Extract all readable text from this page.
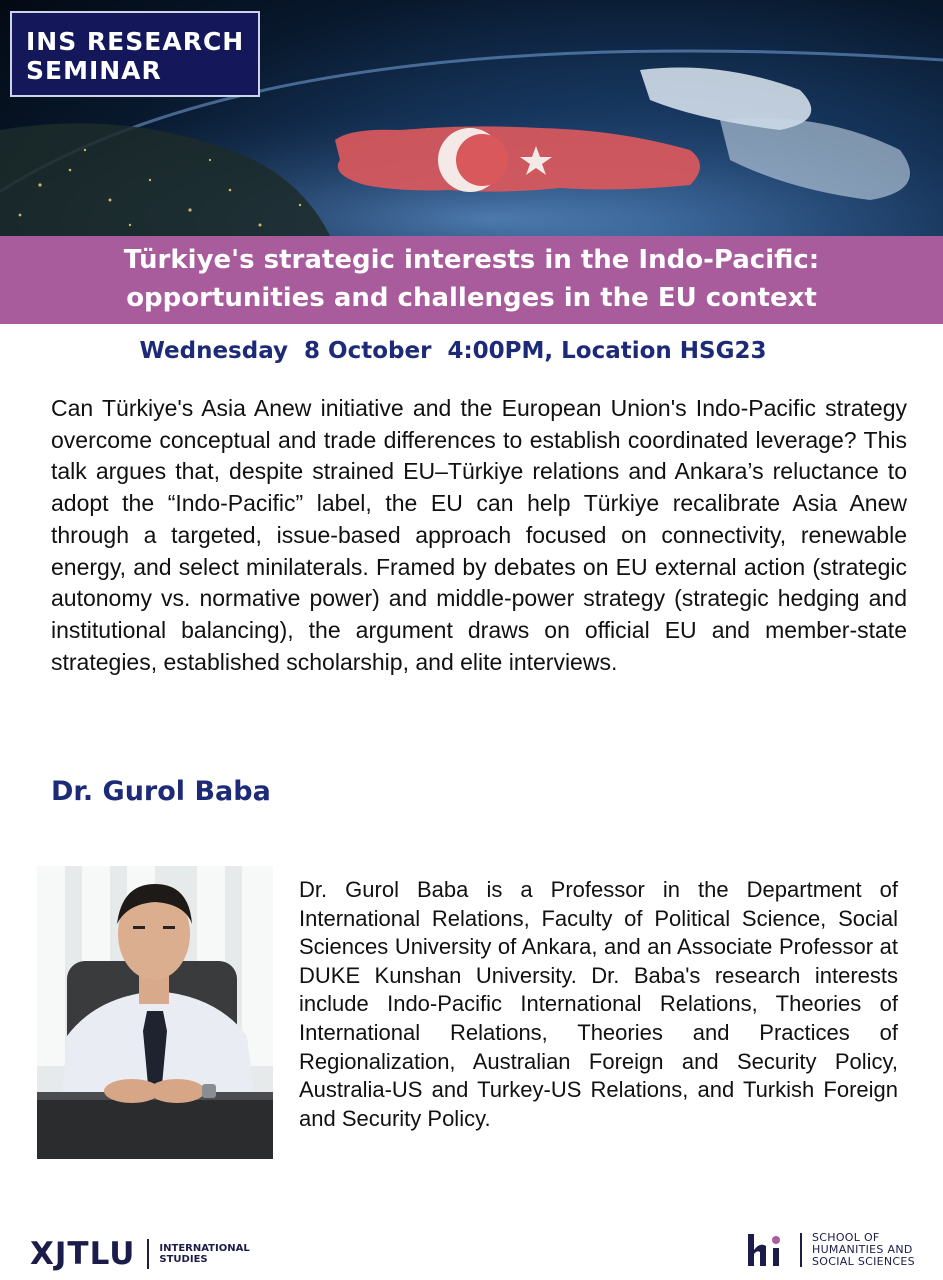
INS RESEARCH
SEMINAR
Türkiye's strategic interests in the Indo-Pacific: opportunities and challenges in the EU context
Wednesday  8 October  4:00PM, Location HSG23
Can Türkiye's Asia Anew initiative and the European Union's Indo-Pacific strategy overcome conceptual and trade differences to establish coordinated leverage? This talk argues that, despite strained EU–Türkiye relations and Ankara’s reluctance to adopt the “Indo-Pacific” label, the EU can help Türkiye recalibrate Asia Anew through a targeted, issue-based approach focused on connectivity, renewable energy, and select minilaterals. Framed by debates on EU external action (strategic autonomy vs. normative power) and middle-power strategy (strategic hedging and institutional balancing), the argument draws on official EU and member-state strategies, established scholarship, and elite interviews.
Dr. Gurol Baba
Dr. Gurol Baba is a Professor in the Department of International Relations, Faculty of Political Science, Social Sciences University of Ankara, and an Associate Professor at DUKE Kunshan University. Dr. Baba's research interests include Indo-Pacific International Relations, Theories of International Relations, Theories and Practices of Regionalization, Australian Foreign and Security Policy, Australia-US and Turkey-US Relations, and Turkish Foreign and Security Policy.
XJTLU INTERNATIONAL
STUDIES
SCHOOL OF
HUMANITIES AND
SOCIAL SCIENCES
